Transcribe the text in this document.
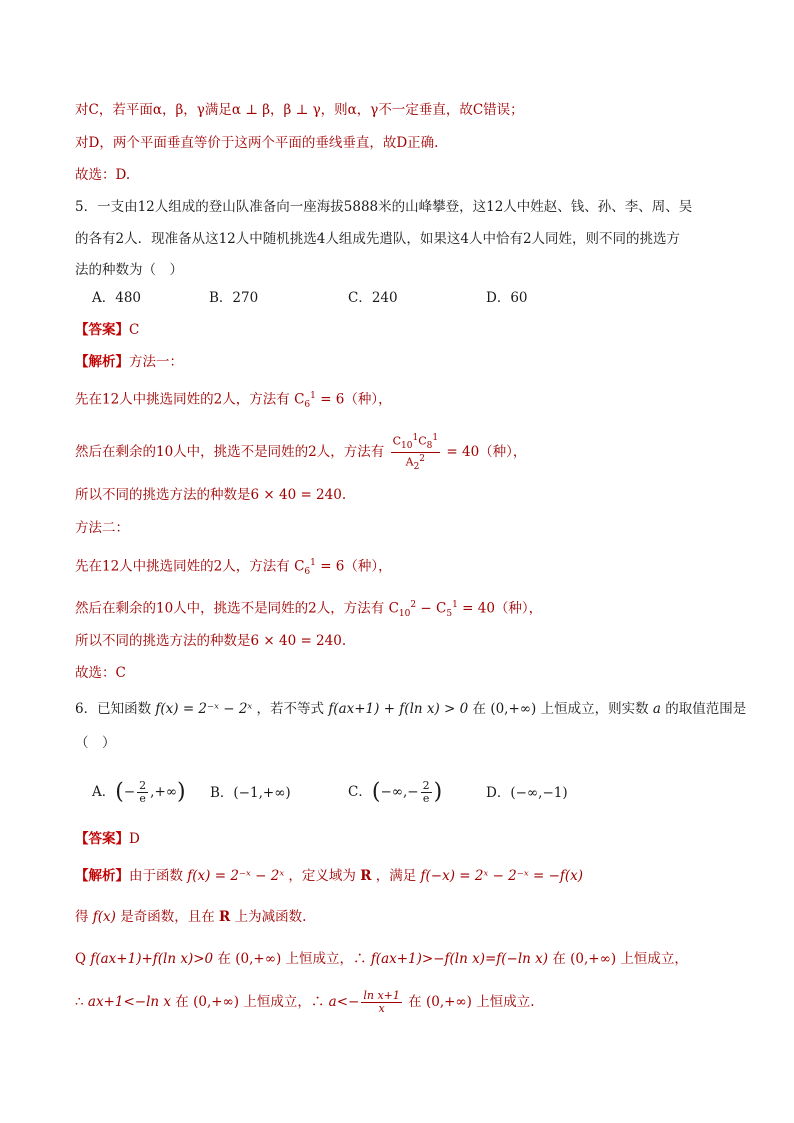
对C，若平面α，β，γ满足α ⊥ β，β ⊥ γ，则α，γ不一定垂直，故C错误；
对D，两个平面垂直等价于这两个平面的垂线垂直，故D正确.
故选：D.
5．一支由12人组成的登山队准备向一座海拔5888米的山峰攀登，这12人中姓赵、钱、孙、李、周、吴
的各有2人．现准备从这12人中随机挑选4人组成先遣队，如果这4人中恰有2人同姓，则不同的挑选方
法的种数为（　）
A．480	B．270	C．240	D．60
【答案】C
【解析】方法一：
先在12人中挑选同姓的2人，方法有 $C_6^1 = 6$（种），
然后在剩余的10人中，挑选不是同姓的2人，方法有 $\frac{C_{10}^1C_8^1}{A_2^2} = 40$（种），
所以不同的挑选方法的种数是6 × 40 = 240.
方法二：
先在12人中挑选同姓的2人，方法有 $C_6^1 = 6$（种），
然后在剩余的10人中，挑选不是同姓的2人，方法有 $C_{10}^2 - C_5^1 = 40$（种），
所以不同的挑选方法的种数是6 × 40 = 240.
故选：C
6．已知函数 f(x) = 2⁻ˣ − 2ˣ ，若不等式 f(ax+1) + f(ln x) > 0 在 (0,+∞) 上恒成立，则实数 a 的取值范围是
（　）
A．(− $\frac{2}{e}$ ,+∞) B．(−1,+∞)	C．(−∞,− $\frac{2}{e}$ )	D．(−∞,−1)
【答案】D
【解析】由于函数 f(x) = 2⁻ˣ − 2ˣ ，定义域为 R ，满足 f(−x) = 2ˣ − 2⁻ˣ = −f(x)
得 f(x) 是奇函数，且在 R 上为减函数.
Q f(ax+1)+f(ln x)>0 在 (0,+∞) 上恒成立，∴ f(ax+1)>−f(ln x)=f(−ln x) 在 (0,+∞) 上恒成立，
∴ ax+1<−ln x 在 (0,+∞) 上恒成立，∴ $a<- \frac{\text{ln x+1}}{x}$ 在 (0,+∞) 上恒成立.
